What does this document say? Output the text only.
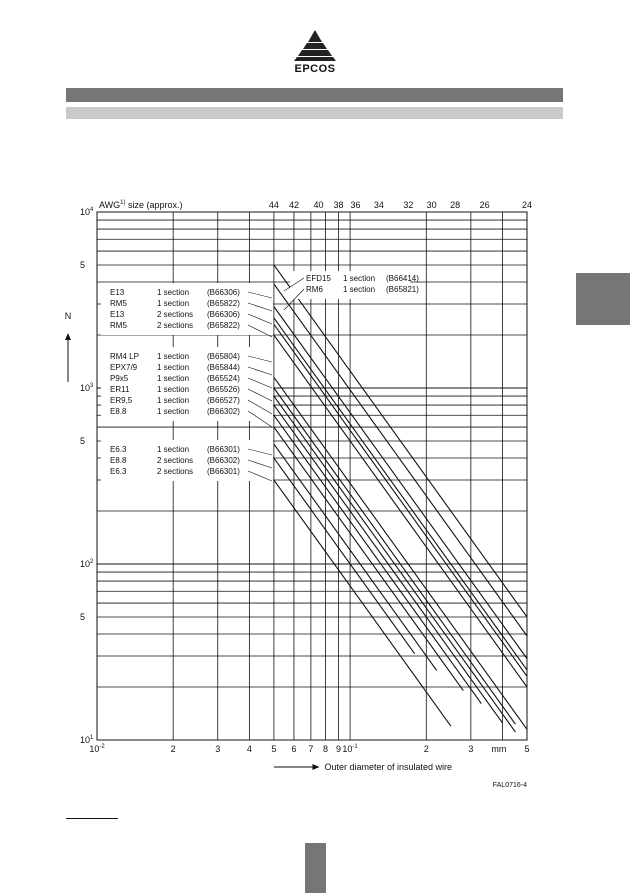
EPCOS
$10^4$
5
$10^3$
5
$10^2$
5
$10^1$
$10^{-2}$	2	3	4 5 6 7 8 9 $10^{-1}$	2	3	5
mm
AWG$^{1)}$ size (approx.)	44 42 40 38 36 34 32 30 28 26	24
N
Outer diameter of insulated wire
FAL0716-4
EFD15 1 section (B66414)
RM6	1 section (B65821)
E13	1 section (B66306)
RM5	1 section (B65822)
E13	2 sections (B66306)
RM5	2 sections (B65822)
RM4 LP 1 section (B65804)
EPX7/9 1 section (B65844)
P9x5	1 section (B65524)
ER11	1 section (B65526)
ER9,5	1 section (B66527)
E8.8	1 section (B66302)
E6.3	1 section (B66301)
E8.8	2 sections (B66302)
E6.3	2 sections (B66301)
